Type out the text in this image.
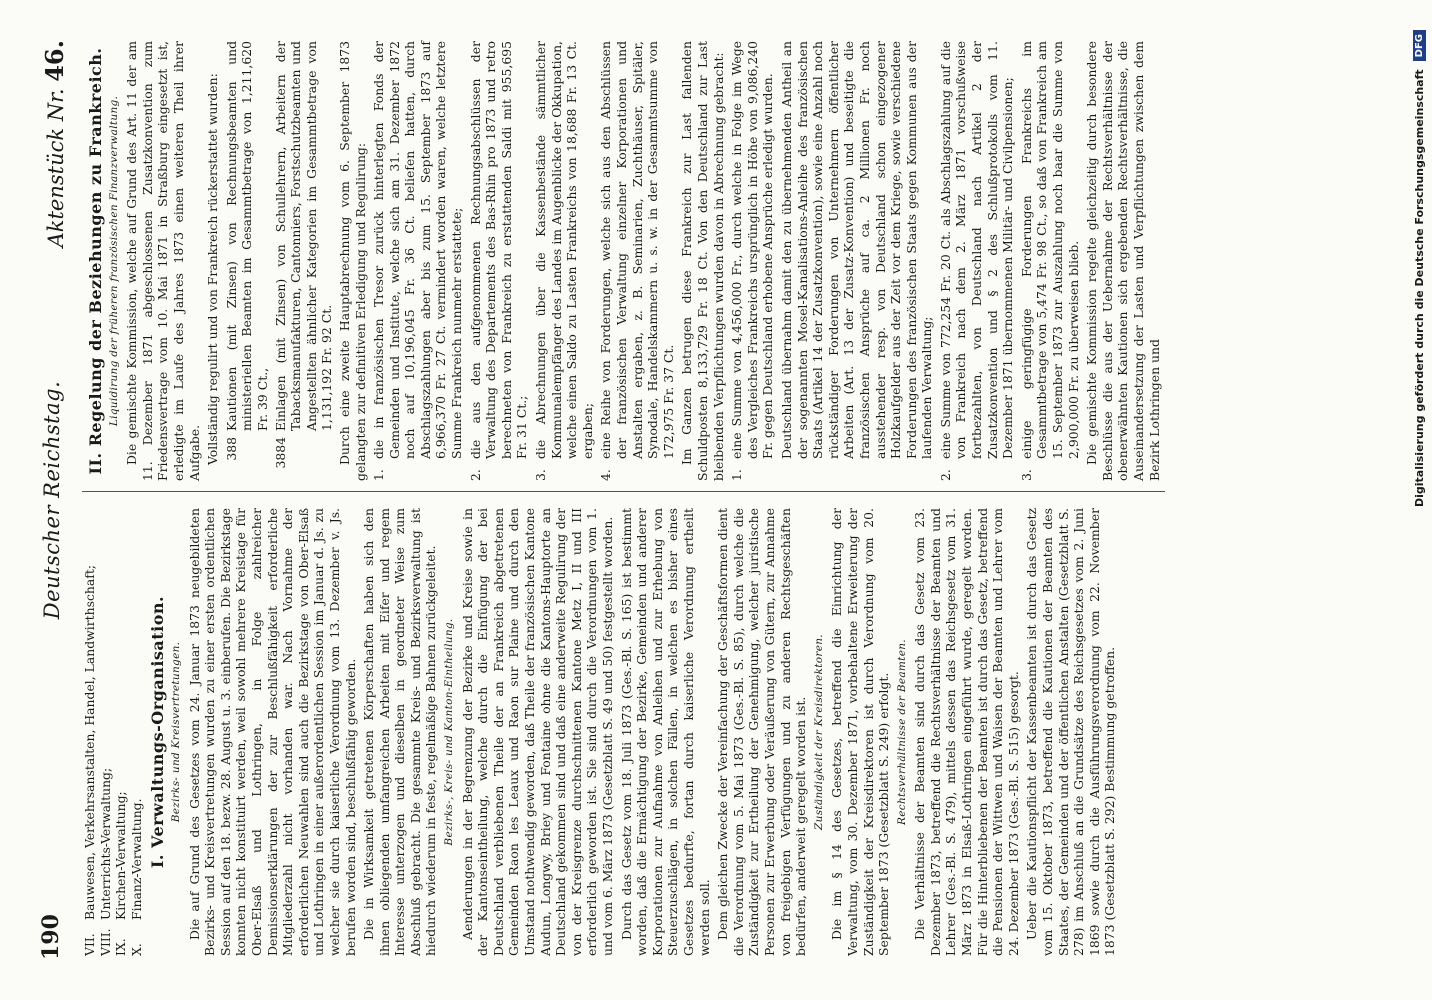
190
Deutscher Reichstag.
Aktenstück Nr. 46.
VII.
Bauwesen, Verkehrsanstalten, Handel, Landwirthschaft;
VIII.
Unterrichts-Verwaltung;
IX.
Kirchen-Verwaltung;
X.
Finanz-Verwaltung. I. Verwaltungs-Organisation. Bezirks- und Kreisvertretungen. Die auf Grund des Gesetzes vom 24. Januar 1873 neugebildeten Bezirks- und Kreisvertretungen wurden zu einer ersten ordentlichen Session auf den 18. bezw. 28. August u. 3. einberufen. Die Bezirkstage konnten nicht konstituirt werden, weil sowohl mehrere Kreistage für Ober-Elsaß und Lothringen, in Folge zahlreicher Demissionserklärungen der zur Beschlußfähigkeit erforderliche Mitgliederzahl nicht vorhanden war. Nach Vornahme der erforderlichen Neuwahlen sind auch die Bezirkstage von Ober-Elsaß und Lothringen in einer außerordentlichen Session im Januar d. Js. zu welcher sie durch kaiserliche Verordnung vom 13. Dezember v. Js. berufen worden sind, beschlußfähig geworden. Die in Wirksamkeit getretenen Körperschaften haben sich den ihnen obliegenden umfangreichen Arbeiten mit Eifer und regem Interesse unterzogen und dieselben in geordneter Weise zum Abschluß gebracht. Die gesammte Kreis- und Bezirksverwaltung ist hiedurch wiederum in feste, regelmäßige Bahnen zurückgeleitet. Bezirks-, Kreis- und Kanton-Eintheilung. Aenderungen in der Begrenzung der Bezirke und Kreise sowie in der Kantonseintheilung, welche durch die Einfügung der bei Deutschland verbliebenen Theile der an Frankreich abgetretenen Gemeinden Raon les Leaux und Raon sur Plaine und durch den Umstand nothwendig geworden, daß Theile der französischen Kantone Audun, Longwy, Briey und Fontaine ohne die Kantons-Hauptorte an Deutschland gekommen sind und daß eine anderweite Regulirung der von der Kreisgrenze durchschnittenen Kantone Metz I, II und III erforderlich geworden ist. Sie sind durch die Verordnungen vom 1. und vom 6. März 1873 (Gesetzblatt S. 49 und 50) festgestellt worden. Durch das Gesetz vom 18. Juli 1873 (Ges.-Bl. S. 165) ist bestimmt worden, daß die Ermächtigung der Bezirke, Gemeinden und anderer Korporationen zur Aufnahme von Anleihen und zur Erhebung von Steuerzuschlägen, in solchen Fällen, in welchen es bisher eines Gesetzes bedurfte, fortan durch kaiserliche Verordnung ertheilt werden soll. Dem gleichen Zwecke der Vereinfachung der Geschäftsformen dient die Verordnung vom 5. Mai 1873 (Ges.-Bl. S. 85), durch welche die Zuständigkeit zur Ertheilung der Genehmigung, welcher juristische Personen zur Erwerbung oder Veräußerung von Gütern, zur Annahme von freigebigen Verfügungen und zu anderen Rechtsgeschäften bedürfen, anderweit geregelt worden ist. Zuständigkeit der Kreisdirektoren. Die im § 14 des Gesetzes, betreffend die Einrichtung der Verwaltung, vom 30. Dezember 1871, vorbehaltene Erweiterung der Zuständigkeit der Kreisdirektoren ist durch Verordnung vom 20. September 1873 (Gesetzblatt S. 249) erfolgt. Rechtsverhältnisse der Beamten. Die Verhältnisse der Beamten sind durch das Gesetz vom 23. Dezember 1873, betreffend die Rechtsverhältnisse der Beamten und Lehrer (Ges.-Bl. S. 479), mittels dessen das Reichsgesetz vom 31. März 1873 in Elsaß-Lothringen eingeführt wurde, geregelt worden. Für die Hinterbliebenen der Beamten ist durch das Gesetz, betreffend die Pensionen der Wittwen und Waisen der Beamten und Lehrer vom 24. Dezember 1873 (Ges.-Bl. S. 515) gesorgt. Ueber die Kautionspflicht der Kassenbeamten ist durch das Gesetz vom 15. Oktober 1873, betreffend die Kautionen der Beamten des Staates, der Gemeinden und der öffentlichen Anstalten (Gesetzblatt S. 278) im Anschluß an die Grundsätze des Reichsgesetzes vom 2. Juni 1869 sowie durch die Ausführungsverordnung vom 22. November 1873 (Gesetzblatt S. 292) Bestimmung getroffen.

II. Regelung der Beziehungen zu Frankreich. Liquidirung der früheren französischen Finanzverwaltung. Die gemischte Kommission, welche auf Grund des Art. 11 der am 11. Dezember 1871 abgeschlossenen Zusatzkonvention zum Friedensvertrage vom 10. Mai 1871 in Straßburg eingesetzt ist, erledigte im Laufe des Jahres 1873 einen weiteren Theil ihrer Aufgabe. Vollständig regulirt und von Frankreich rückerstattet wurden: 388
Kautionen (mit Zinsen) von Rechnungsbeamten und ministeriellen Beamten im Gesammtbetrage von 1,211,620 Fr. 39 Ct.,
3884
Einlagen (mit Zinsen) von Schullehrern, Arbeitern der Tabacksmanufakturen, Cantonniers, Forstschutzbeamten und Angestellten ähnlicher Kategorien im Gesammtbetrage von 1,131,192 Fr. 92 Ct. Durch eine zweite Hauptabrechnung vom 6. September 1873 gelangten zur definitiven Erledigung und Regulirung: 1.
die in französischen Tresor zurück hinterlegten Fonds der Gemeinden und Institute, welche sich am 31. Dezember 1872 noch auf 10,196,045 Fr. 36 Ct. beliefen hatten, durch Abschlagszahlungen aber bis zum 15. September 1873 auf 6,966,370 Fr. 27 Ct. vermindert worden waren, welche letztere Summe Frankreich nunmehr erstattete;
2.
die aus den aufgenommenen Rechnungsabschlüssen der Verwaltung des Departements des Bas-Rhin pro 1873 und retro berechneten von Frankreich zu erstattenden Saldi mit 955,695 Fr. 31 Ct.;
3.
die Abrechnungen über die Kassenbestände sämmtlicher Kommunalempfänger des Landes im Augenblicke der Okkupation, welche einen Saldo zu Lasten Frankreichs von 18,688 Fr. 13 Ct. ergaben;
4.
eine Reihe von Forderungen, welche sich aus den Abschlüssen der französischen Verwaltung einzelner Korporationen und Anstalten ergaben, z. B. Seminarien, Zuchthäuser, Spitäler, Synodale, Handelskammern u. s. w. in der Gesammtsumme von 172,975 Fr. 37 Ct. Im Ganzen betrugen diese Frankreich zur Last fallenden Schuldposten 8,133,729 Fr. 18 Ct. Von den Deutschland zur Last bleibenden Verpflichtungen wurden davon in Abrechnung gebracht: 1.
eine Summe von 4,456,000 Fr., durch welche in Folge im Wege des Vergleiches Frankreichs ursprünglich in Höhe von 9,086,240 Fr. gegen Deutschland erhobene Ansprüche erledigt wurden. Deutschland übernahm damit den zu übernehmenden Antheil an der sogenannten Mosel-Kanalisations-Anleihe des französischen Staats (Artikel 14 der Zusatzkonvention), sowie eine Anzahl noch rückständiger Forderungen von Unternehmern öffentlicher Arbeiten (Art. 13 der Zusatz-Konvention) und beseitigte die französischen Ansprüche auf ca. 2 Millionen Fr. noch ausstehender resp. von Deutschland schon eingezogener Holzkaufgelder aus der Zeit vor dem Kriege, sowie verschiedene Forderungen des französischen Staats gegen Kommunen aus der laufenden Verwaltung;
2.
eine Summe von 772,254 Fr. 20 Ct. als Abschlagszahlung auf die von Frankreich nach dem 2. März 1871 vorschußweise fortbezahlten, von Deutschland nach Artikel 2 der Zusatzkonvention und § 2 des Schlußprotokolls vom 11. Dezember 1871 übernommenen Militär- und Civilpensionen;
3.
einige geringfügige Forderungen Frankreichs im Gesammtbetrage von 5,474 Fr. 98 Ct., so daß von Frankreich am 15. September 1873 zur Auszahlung noch baar die Summe von 2,900,000 Fr. zu überweisen blieb. Die gemischte Kommission regelte gleichzeitig durch besondere Beschlüsse die aus der Uebernahme der Rechtsverhältnisse der obenerwähnten Kautionen sich ergebenden Rechtsverhältnisse, die Auseinandersetzung der Lasten und Verpflichtungen zwischen dem Bezirk Lothringen und	Digitalisierung gefördert durch die Deutsche Forschungsgemeinschaft
DFG
